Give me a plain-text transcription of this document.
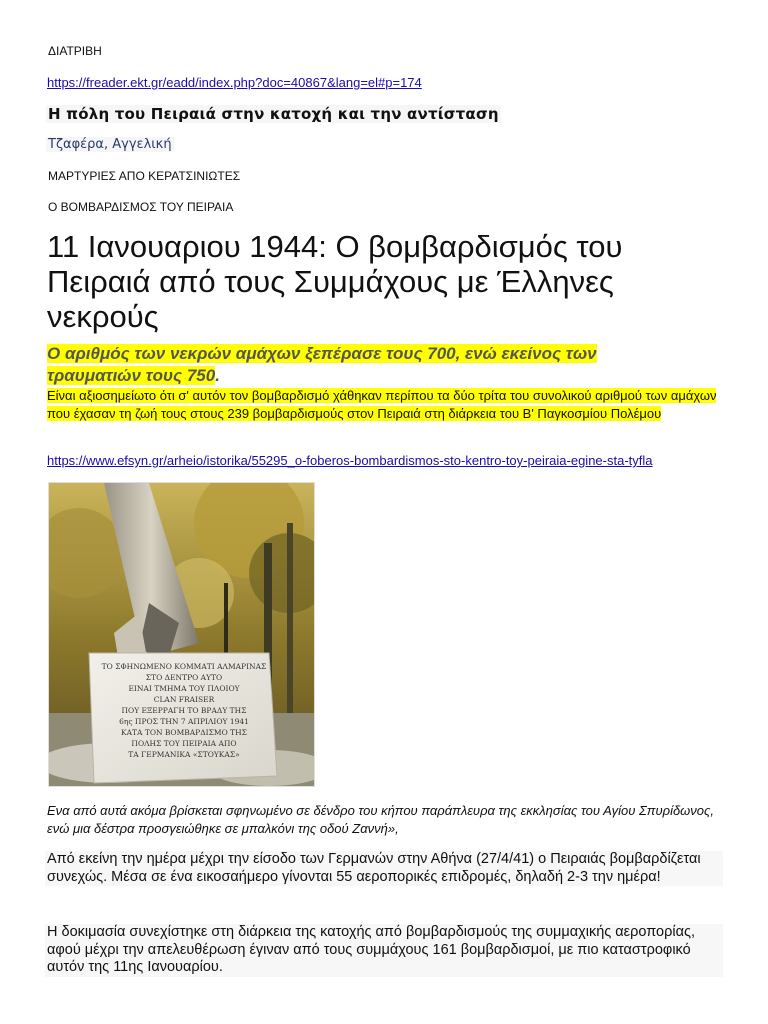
ΔΙΑΤΡΙΒΗ
https://freader.ekt.gr/eadd/index.php?doc=40867&lang=el#p=174
Η πόλη του Πειραιά στην κατοχή και την αντίσταση
Τζαφέρα, Αγγελική
ΜΑΡΤΥΡΙΕΣ ΑΠΟ ΚΕΡΑΤΣΙΝΙΩΤΕΣ
Ο ΒΟΜΒΑΡΔΙΣΜΟΣ ΤΟΥ ΠΕΙΡΑΙΑ
11 Ιανουαριου 1944: Ο βομβαρδισμός του Πειραιά από τους Συμμάχους με Έλληνες νεκρούς
Ο αριθμός των νεκρών αμάχων ξεπέρασε τους 700, ενώ εκείνος των τραυματιών τους 750.
Είναι αξιοσημείωτο ότι σ' αυτόν τον βομβαρδισμό χάθηκαν περίπου τα δύο τρίτα του συνολικού αριθμού των αμάχων που έχασαν τη ζωή τους στους 239 βομβαρδισμούς στον Πειραιά στη διάρκεια του Β' Παγκοσμίου Πολέμου
https://www.efsyn.gr/arheio/istorika/55295_o-foberos-bombardismos-sto-kentro-toy-peiraia-egine-sta-tyfla
ΤΟ ΣΦΗΝΩΜΕΝΟ ΚΟΜΜΑΤΙ ΑΛΜΑΡΙΝΑΣ
ΣΤΟ ΔΕΝΤΡΟ ΑΥΤΟ
ΕΙΝΑΙ ΤΜΗΜΑ ΤΟΥ ΠΛΟΙΟΥ
CLAN FRAISER
ΠΟΥ ΕΞΕΡΡΑΓΗ ΤΟ ΒΡΑΔΥ ΤΗΣ
6ης ΠΡΟΣ ΤΗΝ 7 ΑΠΡΙΛΙΟΥ 1941
ΚΑΤΑ ΤΟΝ ΒΟΜΒΑΡΔΙΣΜΟ ΤΗΣ
ΠΟΛΗΣ ΤΟΥ ΠΕΙΡΑΙΑ ΑΠΟ
ΤΑ ΓΕΡΜΑΝΙΚΑ «ΣΤΟΥΚΑΣ»
Ενα από αυτά ακόμα βρίσκεται σφηνωμένο σε δένδρο του κήπου παράπλευρα της εκκλησίας του Αγίου Σπυρίδωνος, ενώ μια δέστρα προσγειώθηκε σε μπαλκόνι της οδού Ζαννή»,
Από εκείνη την ημέρα μέχρι την είσοδο των Γερμανών στην Αθήνα (27/4/41) ο Πειραιάς βομβαρδίζεται συνεχώς. Μέσα σε ένα εικοσαήμερο γίνονται 55 αεροπορικές επιδρομές, δηλαδή 2-3 την ημέρα!
Η δοκιμασία συνεχίστηκε στη διάρκεια της κατοχής από βομβαρδισμούς της συμμαχικής αεροπορίας, αφού μέχρι την απελευθέρωση έγιναν από τους συμμάχους 161 βομβαρδισμοί, με πιο καταστροφικό αυτόν της 11ης Ιανουαρίου.
